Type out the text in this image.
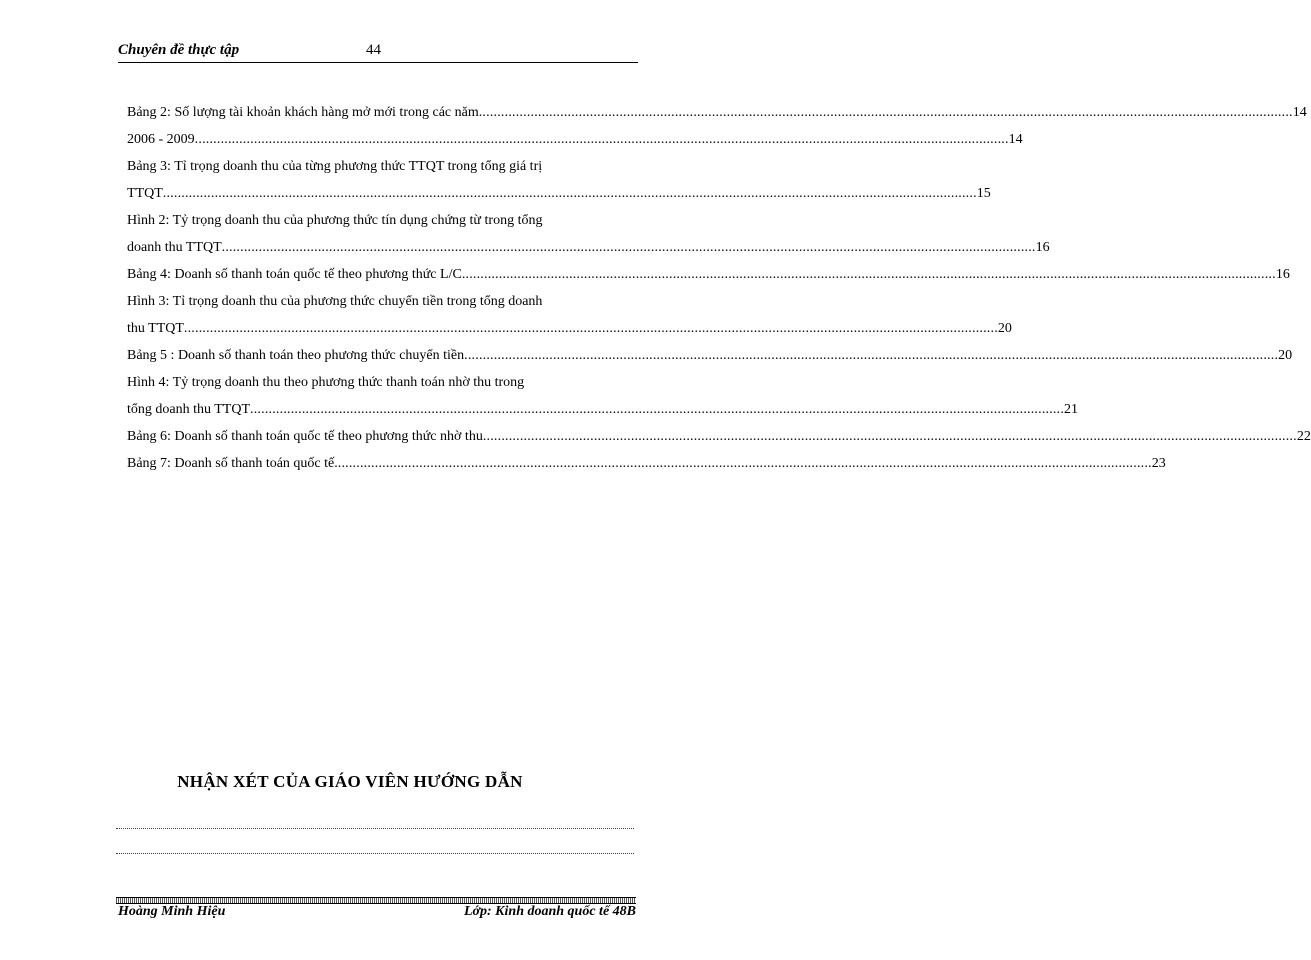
Chuyên đề thực tập	44
Bảng 2: Số lượng tài khoản khách hàng mở mới trong các năm ............................................................................................................................................................................................................................ 14
2006 - 2009 ............................................................................................................................................................................................................................ 14
Bảng 3: Tỉ trọng doanh thu của từng phương thức TTQT trong tổng giá trị
TTQT ............................................................................................................................................................................................................................ 15
Hình 2: Tỷ trọng doanh thu của phương thức tín dụng chứng từ trong tổng
doanh thu TTQT ............................................................................................................................................................................................................................ 16
Bảng 4: Doanh số thanh toán quốc tế theo phương thức L/C ............................................................................................................................................................................................................................ 16
Hình 3: Tỉ trọng doanh thu của phương thức chuyển tiền trong tổng doanh
thu TTQT ............................................................................................................................................................................................................................ 20
Bảng 5 : Doanh số thanh toán theo phương thức chuyển tiền ............................................................................................................................................................................................................................ 20
Hình 4: Tỷ trọng doanh thu theo phương thức thanh toán nhờ thu trong
tổng doanh thu TTQT ............................................................................................................................................................................................................................ 21
Bảng 6: Doanh số thanh toán quốc tế theo phương thức nhờ thu ............................................................................................................................................................................................................................ 22
Bảng 7: Doanh số thanh toán quốc tế. ............................................................................................................................................................................................................................ 23
NHẬN XÉT CỦA GIÁO VIÊN HƯỚNG DẪN
Hoàng Minh Hiệu	Lớp: Kinh doanh quốc tế 48B
